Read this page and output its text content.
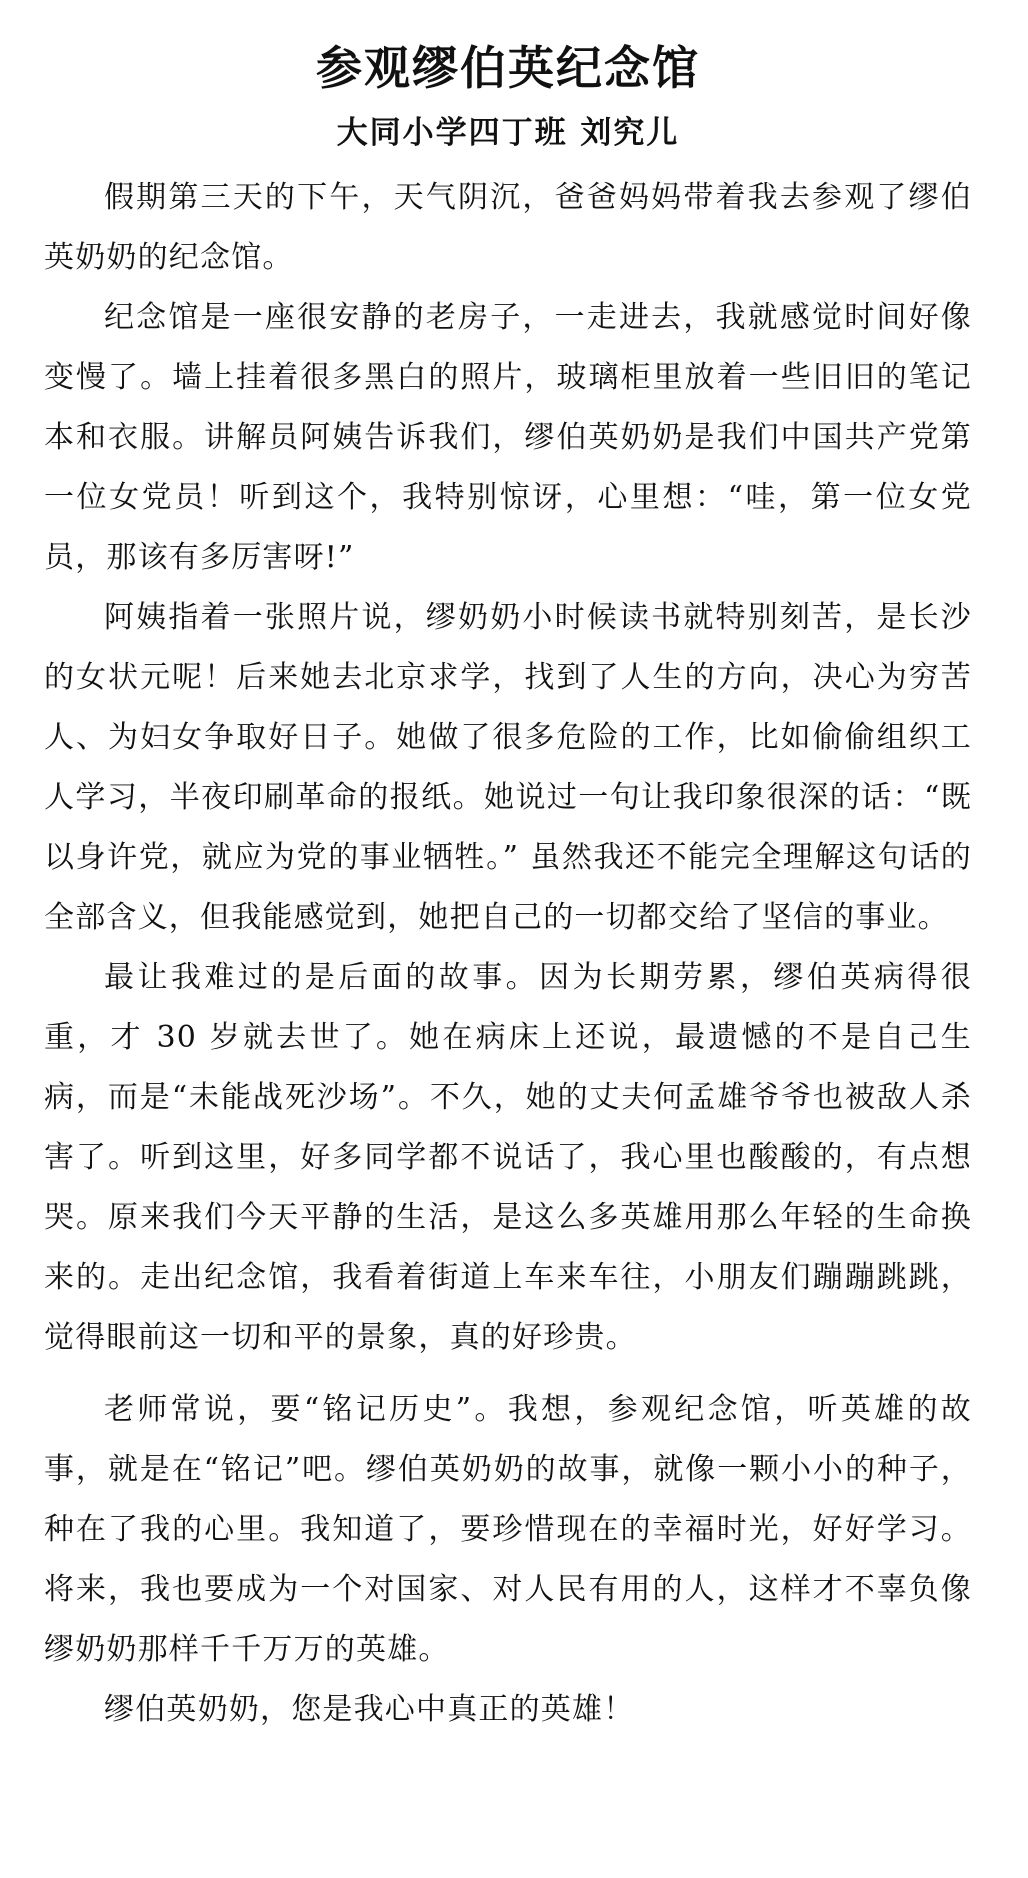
参观缪伯英纪念馆
大同小学四丁班 刘究儿

假期第三天的下午，天气阴沉，爸爸妈妈带着我去参观了缪伯英奶奶的纪念馆。

纪念馆是一座很安静的老房子，一走进去，我就感觉时间好像变慢了。墙上挂着很多黑白的照片，玻璃柜里放着一些旧旧的笔记本和衣服。讲解员阿姨告诉我们，缪伯英奶奶是我们中国共产党第一位女党员！听到这个，我特别惊讶，心里想：“哇，第一位女党员，那该有多厉害呀!”

阿姨指着一张照片说，缪奶奶小时候读书就特别刻苦，是长沙的女状元呢！后来她去北京求学，找到了人生的方向，决心为穷苦人、为妇女争取好日子。她做了很多危险的工作，比如偷偷组织工人学习，半夜印刷革命的报纸。她说过一句让我印象很深的话：“既以身许党，就应为党的事业牺牲。” 虽然我还不能完全理解这句话的全部含义，但我能感觉到，她把自己的一切都交给了坚信的事业。

最让我难过的是后面的故事。因为长期劳累，缪伯英病得很重，才 30 岁就去世了。她在病床上还说，最遗憾的不是自己生病，而是“未能战死沙场”。不久，她的丈夫何孟雄爷爷也被敌人杀害了。听到这里，好多同学都不说话了，我心里也酸酸的，有点想哭。原来我们今天平静的生活，是这么多英雄用那么年轻的生命换来的。走出纪念馆，我看着街道上车来车往，小朋友们蹦蹦跳跳，觉得眼前这一切和平的景象，真的好珍贵。

老师常说，要“铭记历史”。我想，参观纪念馆，听英雄的故事，就是在“铭记”吧。缪伯英奶奶的故事，就像一颗小小的种子，种在了我的心里。我知道了，要珍惜现在的幸福时光，好好学习。将来，我也要成为一个对国家、对人民有用的人，这样才不辜负像缪奶奶那样千千万万的英雄。

缪伯英奶奶，您是我心中真正的英雄！
